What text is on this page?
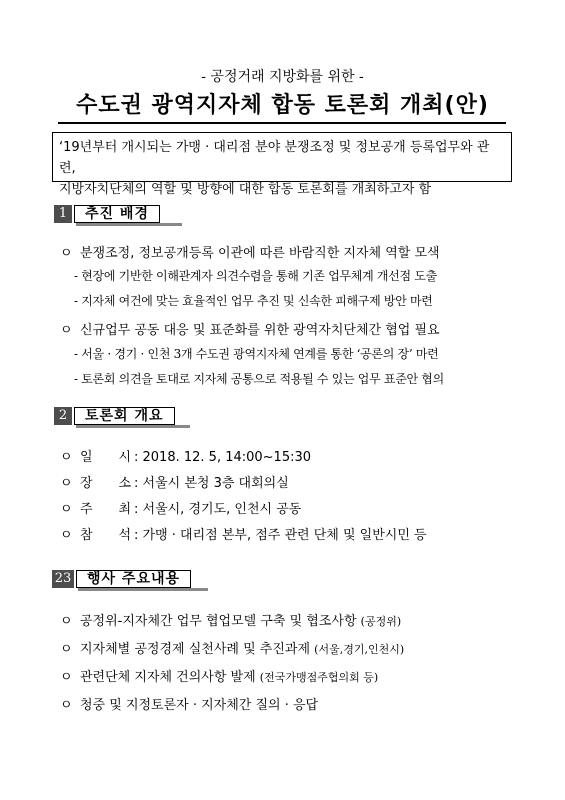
- 공정거래 지방화를 위한 -
수도권 광역지자체 합동 토론회 개최(안)
‘19년부터 개시되는 가맹 · 대리점 분야 분쟁조정 및 정보공개 등록업무와 관련,
지방자치단체의 역할 및 방향에 대한 합동 토론회를 개최하고자 함
1	추진 배경
ㅇ 분쟁조정, 정보공개등록 이관에 따른 바람직한 지자체 역할 모색
- 현장에 기반한 이해관계자 의견수렴을 통해 기존 업무체계 개선점 도출
- 지자체 여건에 맞는 효율적인 업무 추진 및 신속한 피해구제 방안 마련
ㅇ 신규업무 공동 대응 및 표준화를 위한 광역자치단체간 협업 필요
- 서울 · 경기 · 인천 3개 수도권 광역지자체 연계를 통한 ‘공론의 장’ 마련
- 토론회 의견을 토대로 지자체 공통으로 적용될 수 있는 업무 표준안 협의
2	토론회 개요
ㅇ 일　　시 : 2018. 12. 5, 14:00~15:30
ㅇ 장　　소 : 서울시 본청 3층 대회의실
ㅇ 주　　최 : 서울시, 경기도, 인천시 공동
ㅇ 참　　석 : 가맹 · 대리점 본부, 점주 관련 단체 및 일반시민 등
23	행사 주요내용
ㅇ 공정위-지자체간 업무 협업모델 구축 및 협조사항 (공정위)
ㅇ 지자체별 공정경제 실천사례 및 추진과제 (서울,경기,인천시)
ㅇ 관련단체 지자체 건의사항 발제 (전국가맹점주협의회 등)
ㅇ 청중 및 지정토론자 · 지자체간 질의 · 응답
